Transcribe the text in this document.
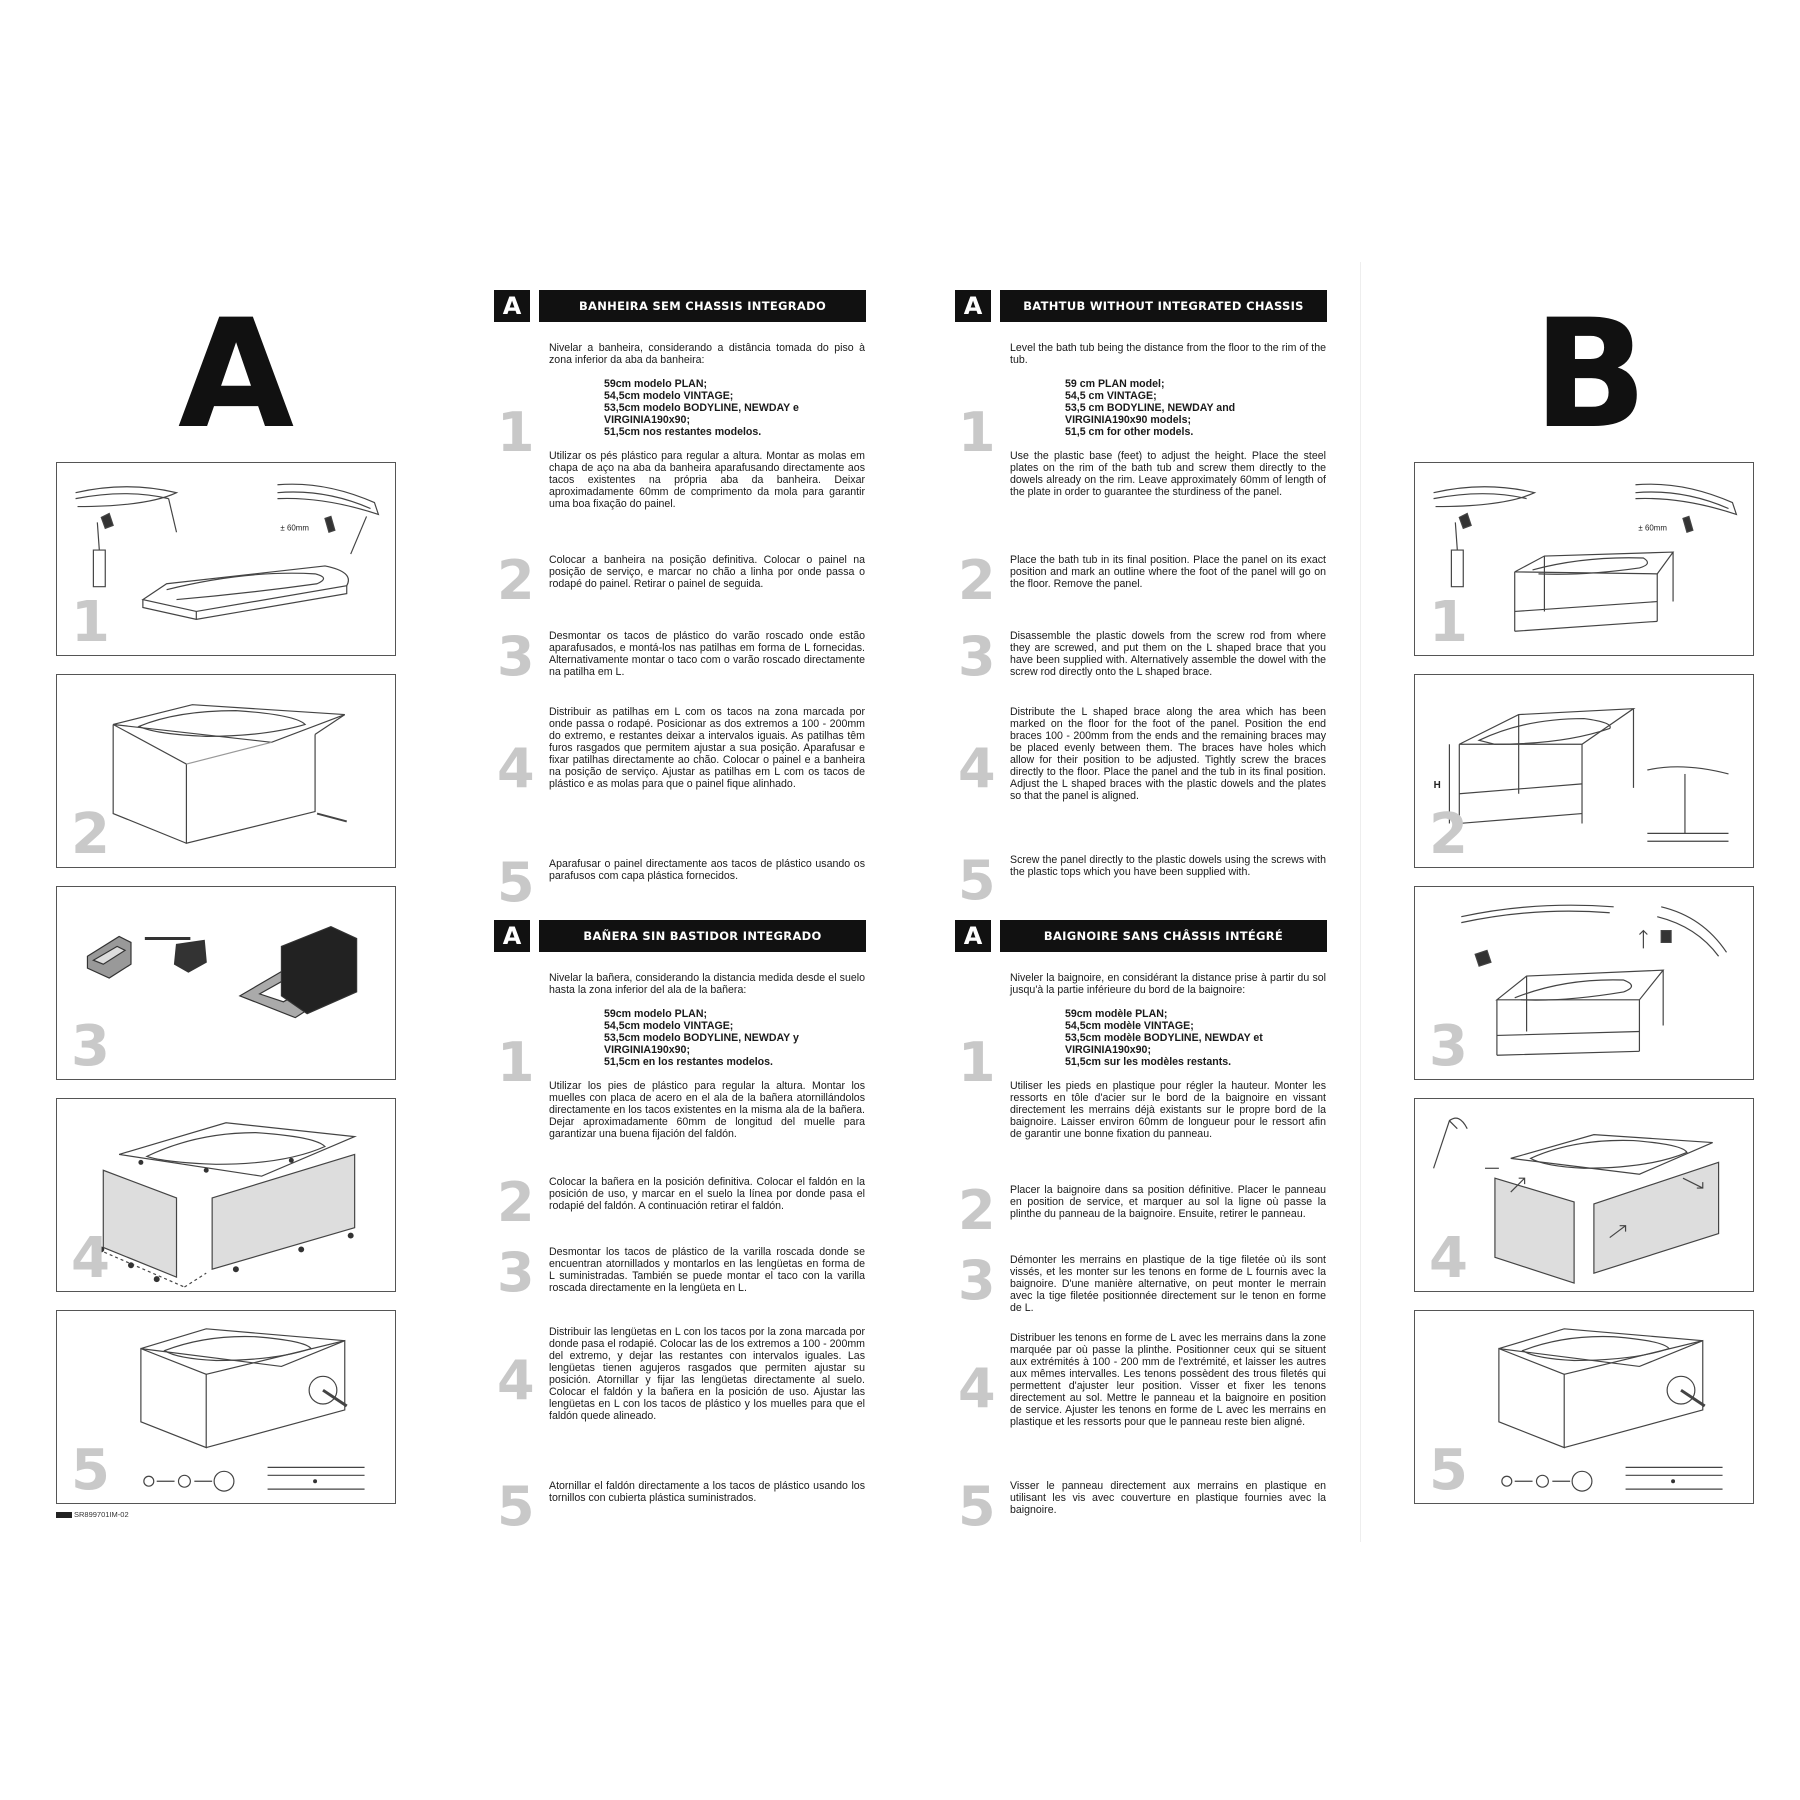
A	B
± 60mm
1
2
3
4
5
± 60mm
1
H
2
3
4
5
SR899701IM-02
A	BANHEIRA SEM CHASSIS INTEGRADO
1

Nivelar a banheira, considerando a distância tomada do piso à zona inferior da aba da banheira:

59cm modelo PLAN;
54,5cm modelo VINTAGE;
53,5cm modelo BODYLINE, NEWDAY e
VIRGINIA190x90;
51,5cm nos restantes modelos.

Utilizar os pés plástico para regular a altura. Montar as molas em chapa de aço na aba da banheira aparafusando directamente aos tacos existentes na própria aba da banheira. Deixar aproximadamente 60mm de comprimento da mola para garantir uma boa fixação do painel.

2 Colocar a banheira na posição definitiva. Colocar o painel na posição de serviço, e marcar no chão a linha por onde passa o rodapé do painel. Retirar o painel de seguida.
3 Desmontar os tacos de plástico do varão roscado onde estão aparafusados, e montá-los nas patilhas em forma de L fornecidas. Alternativamente montar o taco com o varão roscado directamente na patilha em L.
4
Distribuir as patilhas em L com os tacos na zona marcada por onde passa o rodapé. Posicionar as dos extremos a 100 - 200mm do extremo, e restantes deixar a intervalos iguais. As patilhas têm furos rasgados que permitem ajustar a sua posição. Aparafusar e fixar patilhas directamente ao chão. Colocar o painel e a banheira na posição de serviço. Ajustar as patilhas em L com os tacos de plástico e as molas para que o painel fique alinhado.
5 Aparafusar o painel directamente aos tacos de plástico usando os parafusos com capa plástica fornecidos.
A	BATHTUB WITHOUT INTEGRATED CHASSIS
1

Level the bath tub being the distance from the floor to the rim of the tub.

59 cm PLAN model;
54,5 cm VINTAGE;
53,5 cm BODYLINE, NEWDAY and
VIRGINIA190x90 models;
51,5 cm for other models.

Use the plastic base (feet) to adjust the height. Place the steel plates on the rim of the bath tub and screw them directly to the dowels already on the rim. Leave approximately 60mm of length of the plate in order to guarantee the sturdiness of the panel.

2 Place the bath tub in its final position. Place the panel on its exact position and mark an outline where the foot of the panel will go on the floor. Remove the panel.
3 Disassemble the plastic dowels from the screw rod from where they are screwed, and put them on the L shaped brace that you have been supplied with. Alternatively assemble the dowel with the screw rod directly onto the L shaped brace.
4
Distribute the L shaped brace along the area which has been marked on the floor for the foot of the panel. Position the end braces 100 - 200mm from the ends and the remaining braces may be placed evenly between them. The braces have holes which allow for their position to be adjusted. Tightly screw the braces directly to the floor. Place the panel and the tub in its final position. Adjust the L shaped braces with the plastic dowels and the plates so that the panel is aligned.
5 Screw the panel directly to the plastic dowels using the screws with the plastic tops which you have been supplied with.
A	BAÑERA SIN BASTIDOR INTEGRADO
1

Nivelar la bañera, considerando la distancia medida desde el suelo hasta la zona inferior del ala de la bañera:

59cm modelo PLAN;
54,5cm modelo VINTAGE;
53,5cm modelo BODYLINE, NEWDAY y
VIRGINIA190x90;
51,5cm en los restantes modelos.

Utilizar los pies de plástico para regular la altura. Montar los muelles con placa de acero en el ala de la bañera atornillándolos directamente en los tacos existentes en la misma ala de la bañera. Dejar aproximadamente 60mm de longitud del muelle para garantizar una buena fijación del faldón.

2 Colocar la bañera en la posición definitiva. Colocar el faldón en la posición de uso, y marcar en el suelo la línea por donde pasa el rodapié del faldón. A continuación retirar el faldón.
3 Desmontar los tacos de plástico de la varilla roscada donde se encuentran atornillados y montarlos en las lengüetas en forma de L suministradas. También se puede montar el taco con la varilla roscada directamente en la lengüeta en L.
4
Distribuir las lengüetas en L con los tacos por la zona marcada por donde pasa el rodapié. Colocar las de los extremos a 100 - 200mm del extremo, y dejar las restantes con intervalos iguales. Las lengüetas tienen agujeros rasgados que permiten ajustar su posición. Atornillar y fijar las lengüetas directamente al suelo. Colocar el faldón y la bañera en la posición de uso. Ajustar las lengüetas en L con los tacos de plástico y los muelles para que el faldón quede alineado.
5 Atornillar el faldón directamente a los tacos de plástico usando los tornillos con cubierta plástica suministrados.
A	BAIGNOIRE SANS CHÂSSIS INTÉGRÉ
1

Niveler la baignoire, en considérant la distance prise à partir du sol jusqu'à la partie inférieure du bord de la baignoire:

59cm modèle PLAN;
54,5cm modèle VINTAGE;
53,5cm modèle BODYLINE, NEWDAY et
VIRGINIA190x90;
51,5cm sur les modèles restants.

Utiliser les pieds en plastique pour régler la hauteur. Monter les ressorts en tôle d'acier sur le bord de la baignoire en vissant directement les merrains déjà existants sur le propre bord de la baignoire. Laisser environ 60mm de longueur pour le ressort afin de garantir une bonne fixation du panneau.

2 Placer la baignoire dans sa position définitive. Placer le panneau en position de service, et marquer au sol la ligne où passe la plinthe du panneau de la baignoire. Ensuite, retirer le panneau.
3 Démonter les merrains en plastique de la tige filetée où ils sont vissés, et les monter sur les tenons en forme de L fournis avec la baignoire. D'une manière alternative, on peut monter le merrain avec la tige filetée positionnée directement sur le tenon en forme de L.
4
Distribuer les tenons en forme de L avec les merrains dans la zone marquée par où passe la plinthe. Positionner ceux qui se situent aux extrémités à 100 - 200 mm de l'extrémité, et laisser les autres aux mêmes intervalles. Les tenons possèdent des trous filetés qui permettent d'ajuster leur position. Visser et fixer les tenons directement au sol. Mettre le panneau et la baignoire en position de service. Ajuster les tenons en forme de L avec les merrains en plastique et les ressorts pour que le panneau reste bien aligné.
5 Visser le panneau directement aux merrains en plastique en utilisant les vis avec couverture en plastique fournies avec la baignoire.
